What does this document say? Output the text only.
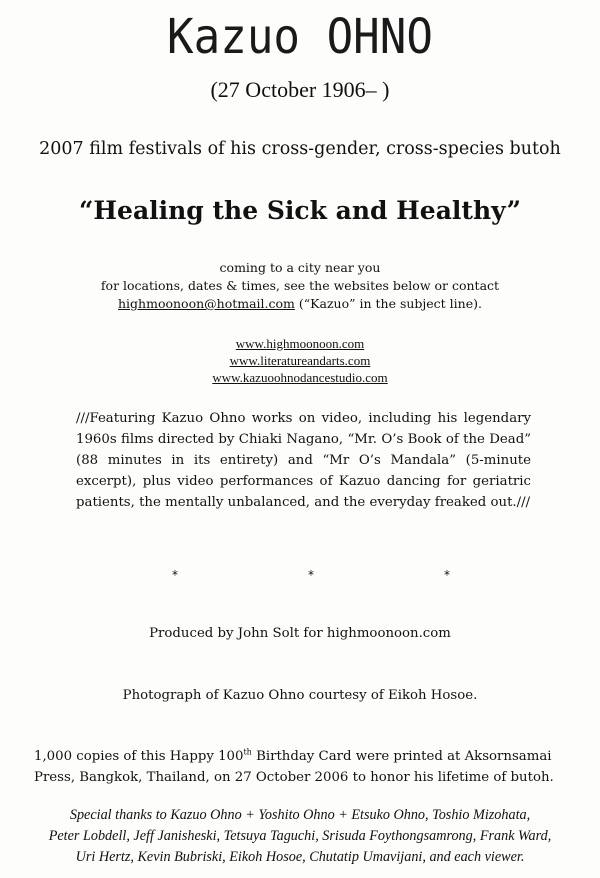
Kazuo OHNO
(27 October 1906– )
2007 film festivals of his cross-gender, cross-species butoh
“Healing the Sick and Healthy”
coming to a city near you
for locations, dates & times, see the websites below or contact
highmoonoon@hotmail.com (“Kazuo” in the subject line).
www.highmoonoon.com
www.literatureandarts.com
www.kazuoohnodancestudio.com
///Featuring Kazuo Ohno works on video, including his legendary
1960s films directed by Chiaki Nagano, “Mr. O’s Book of the Dead”
(88 minutes in its entirety) and “Mr O’s Mandala” (5-minute
excerpt), plus video performances of Kazuo dancing for geriatric
patients, the mentally unbalanced, and the everyday freaked out.///
*	*	*
Produced by John Solt for highmoonoon.com
Photograph of Kazuo Ohno courtesy of Eikoh Hosoe.
1,000 copies of this Happy 100th Birthday Card were printed at Aksornsamai
Press, Bangkok, Thailand, on 27 October 2006 to honor his lifetime of butoh.
Special thanks to Kazuo Ohno + Yoshito Ohno + Etsuko Ohno, Toshio Mizohata,
Peter Lobdell, Jeff Janisheski, Tetsuya Taguchi, Srisuda Foythongsamrong, Frank Ward,
Uri Hertz, Kevin Bubriski, Eikoh Hosoe, Chutatip Umavijani, and each viewer.
